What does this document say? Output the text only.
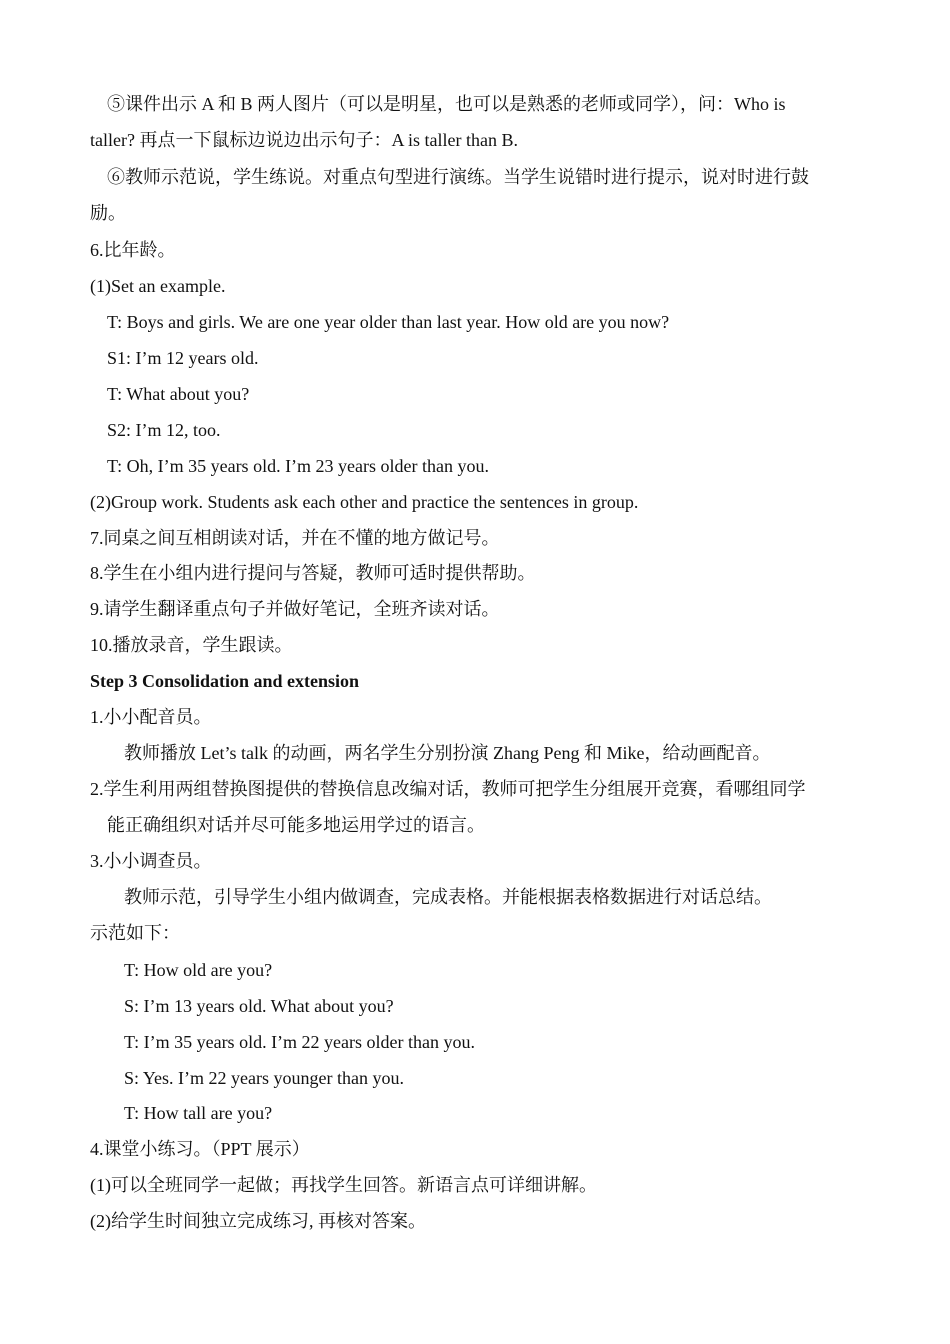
⑤课件出示 A 和 B 两人图片（可以是明星，也可以是熟悉的老师或同学），问：Who is
taller? 再点一下鼠标边说边出示句子：A is taller than B.
⑥教师示范说，学生练说。对重点句型进行演练。当学生说错时进行提示，说对时进行鼓
励。
6.比年龄。
(1)Set an example.
T: Boys and girls. We are one year older than last year. How old are you now?
S1: I’m 12 years old.
T: What about you?
S2: I’m 12, too.
T: Oh, I’m 35 years old. I’m 23 years older than you.
(2)Group work. Students ask each other and practice the sentences in group.
7.同桌之间互相朗读对话，并在不懂的地方做记号。
8.学生在小组内进行提问与答疑，教师可适时提供帮助。
9.请学生翻译重点句子并做好笔记，全班齐读对话。
10.播放录音，学生跟读。
Step 3 Consolidation and extension
1.小小配音员。
教师播放 Let’s talk 的动画，两名学生分别扮演 Zhang Peng 和 Mike，给动画配音。
2.学生利用两组替换图提供的替换信息改编对话，教师可把学生分组展开竞赛，看哪组同学
能正确组织对话并尽可能多地运用学过的语言。
3.小小调查员。
教师示范，引导学生小组内做调查，完成表格。并能根据表格数据进行对话总结。
示范如下：
T: How old are you?
S: I’m 13 years old. What about you?
T: I’m 35 years old. I’m 22 years older than you.
S: Yes. I’m 22 years younger than you.
T: How tall are you?
4.课堂小练习。（PPT 展示）
(1)可以全班同学一起做；再找学生回答。新语言点可详细讲解。
(2)给学生时间独立完成练习, 再核对答案。
